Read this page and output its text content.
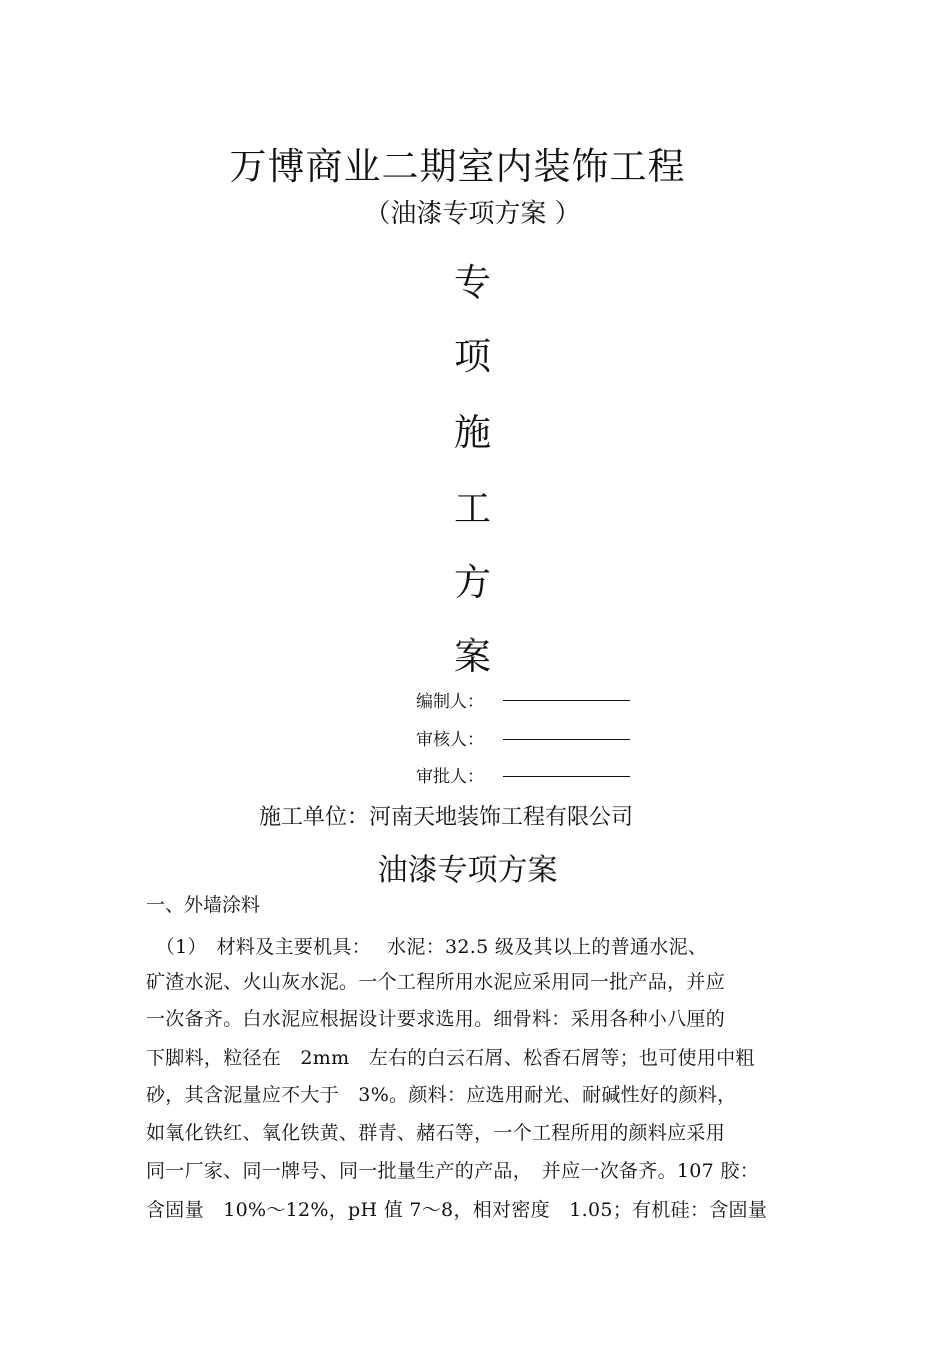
万博商业二期室内装饰工程
（油漆专项方案 ）
专
项
施
工
方
案
编制人：
审核人：
审批人：
施工单位：河南天地装饰工程有限公司
油漆专项方案
一、外墙涂料
　（1）　材料及主要机具：　 水泥：32.5 级及其以上的普通水泥、
矿渣水泥、火山灰水泥。一个工程所用水泥应采用同一批产品，并应
一次备齐。白水泥应根据设计要求选用。细骨料：采用各种小八厘的
下脚料，粒径在　2mm　左右的白云石屑、松香石屑等；也可使用中粗
砂，其含泥量应不大于　3%。颜料：应选用耐光、耐碱性好的颜料，
如氧化铁红、氧化铁黄、群青、赭石等，一个工程所用的颜料应采用
同一厂家、同一牌号、同一批量生产的产品，　并应一次备齐。107 胶：
含固量　10%～12%，pH 值 7～8，相对密度　1.05；有机硅：含固量
